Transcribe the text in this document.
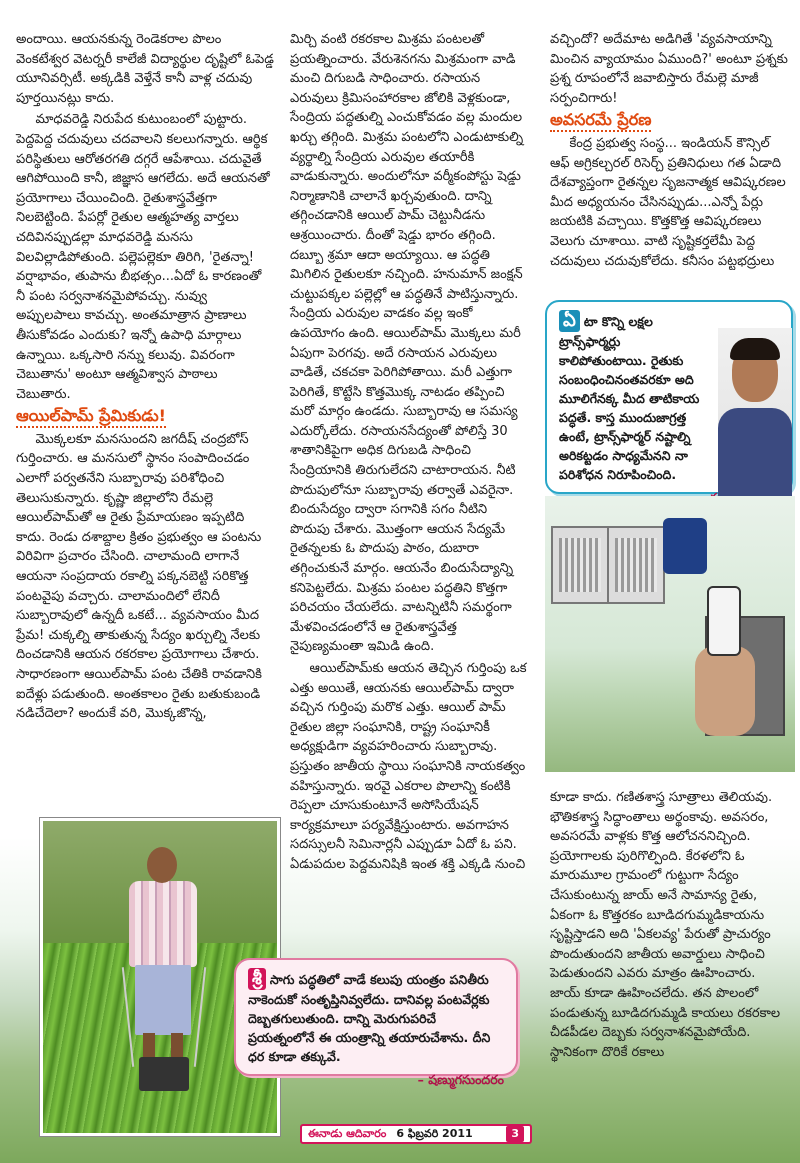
అందాయి. ఆయనకున్న రెండెకరాల పొలం వెంకటేశ్వర వెటర్నరీ కాలేజీ విద్యార్థుల దృష్టిలో ఓపెడ్డ యూనివర్సిటీ. అక్కడికి వెళ్తేనే కానీ వాళ్ల చదువు పూర్తయినట్లు కాదు.

మాధవరెడ్డి నిరుపేద కుటుంబంలో పుట్టారు. పెద్దపెద్ద చదువులు చదవాలని కలలుగన్నారు. ఆర్థిక పరిస్థితులు ఆరోతరగతి దగ్గరే ఆపేశాయి. చదువైతే ఆగిపోయింది కానీ, జిజ్ఞాస ఆగలేదు. అదే ఆయనతో ప్రయోగాలు చేయించింది. రైతుశాస్త్రవేత్తగా నిలబెట్టింది. పేపర్లో రైతుల ఆత్మహత్య వార్తలు చదివినప్పుడల్లా మాధవరెడ్డి మనసు విలవిల్లాడిపోతుంది. పల్లెపల్లెకూ తిరిగి, 'రైతన్నా! వర్షాభావం, తుపాను బీభత్సం...ఏదో ఓ కారణంతో నీ పంట సర్వనాశనమైపోవచ్చు. నువ్వు అప్పులపాలు కావచ్చు. అంతమాత్రాన ప్రాణాలు తీసుకోవడం ఎందుకు? ఇన్నో ఉపాధి మార్గాలు ఉన్నాయి. ఒక్కసారి నన్ను కలువు. వివరంగా చెబుతాను' అంటూ ఆత్మవిశ్వాస పాఠాలు చెబుతారు.

ఆయిల్‌పామ్ ప్రేమికుడు!

మొక్కలకూ మనసుందని జగదీష్ చంద్రబోస్ గుర్తించారు. ఆ మనసులో స్థానం సంపాదించడం ఎలాగో పర్వతనేని సుబ్బారావు పరిశోధించి తెలుసుకున్నారు. కృష్ణా జిల్లాలోని రేమల్లె ఆయిల్‌పామ్‌తో ఆ రైతు ప్రేమాయణం ఇప్పటిది కాదు. రెండు దశాబ్దాల క్రితం ప్రభుత్వం ఆ పంటను విరివిగా ప్రచారం చేసింది. చాలామంది లాగానే ఆయనా సంప్రదాయ రకాల్ని పక్కనబెట్టి సరికొత్త పంటవైపు వచ్చారు. చాలామందిలో లేనిదీ సుబ్బారావులో ఉన్నదీ ఒకటే... వ్యవసాయం మీద ప్రేమ! చుక్కల్ని తాకుతున్న సేద్యం ఖర్చుల్ని నేలకు దించడానికి ఆయన రకరకాల ప్రయోగాలు చేశారు. సాధారణంగా ఆయిల్‌పామ్ పంట చేతికి రావడానికి ఐదేళ్లు పడుతుంది. అంతకాలం రైతు బతుకుబండి నడిచేదెలా? అందుకే వరి, మొక్కజొన్న,

మిర్చి వంటి రకరకాల మిశ్రమ పంటలతో ప్రయత్నించారు. వేరుశెనగను మిశ్రమంగా వాడి మంచి దిగుబడి సాధించారు. రసాయన ఎరువులు క్రిమిసంహారకాల జోలికి వెళ్లకుండా, సేంద్రియ పద్ధతుల్ని ఎంచుకోవడం వల్ల మందుల ఖర్చు తగ్గింది. మిశ్రమ పంటలోని ఎండుటాకుల్ని వ్యర్థాల్ని సేంద్రియ ఎరువుల తయారీకి వాడుకున్నారు. అందులోనూ వర్మీకంపోస్టు షెడ్డు నిర్మాణానికి చాలానే ఖర్చవుతుంది. దాన్ని తగ్గించడానికి ఆయిల్ పామ్ చెట్టునీడను ఆశ్రయించారు. దీంతో షెడ్డు భారం తగ్గింది. దబ్బూ శ్రమా ఆదా అయ్యాయి. ఆ పద్ధతి మిగిలిన రైతులకూ నచ్చింది. హనుమాన్ జంక్షన్ చుట్టుపక్కల పల్లెల్లో ఆ పద్ధతినే పాటిస్తున్నారు. సేంద్రియ ఎరువుల వాడకం వల్ల ఇంకో ఉపయోగం ఉంది. ఆయిల్‌పామ్ మొక్కలు మరీ ఏపుగా పెరగవు. అదే రసాయన ఎరువులు వాడితే, చకచకా పెరిగిపోతాయి. మరీ ఎత్తుగా పెరిగితే, కొట్టేసి కొత్తమొక్క నాటడం తప్పించి మరో మార్గం ఉండదు. సుబ్బారావు ఆ సమస్య ఎదుర్కోలేదు. రసాయనసేద్యంతో పోలిస్తే 30 శాతానికిపైగా అధిక దిగుబడి సాధించి సేంద్రియానికి తిరుగులేదని చాటారాయన. నీటి పొదుపులోనూ సుబ్బారావు తర్వాతే ఎవరైనా. బిందుసేద్యం ద్వారా సగానికి సగం నీటిని పొదుపు చేశారు. మొత్తంగా ఆయన సేద్యమే రైతన్నలకు ఓ పొదుపు పాఠం, దుబారా తగ్గించుకునే మార్గం. ఆయనేం బిందుసేద్యాన్ని కనిపెట్టలేదు. మిశ్రమ పంటల పద్ధతిని కొత్తగా పరిచయం చేయలేదు. వాటన్నిటినీ సమర్థంగా మేళవించడంలోనే ఆ రైతుశాస్త్రవేత్త నైపుణ్యమంతా ఇమిడి ఉంది.

ఆయిల్‌పామ్‌కు ఆయన తెచ్చిన గుర్తింపు ఒక ఎత్తు అయితే, ఆయనకు ఆయిల్‌పామ్ ద్వారా వచ్చిన గుర్తింపు మరొక ఎత్తు. ఆయిల్ పామ్ రైతుల జిల్లా సంఘానికి, రాష్ట్ర సంఘానికీ అధ్యక్షుడిగా వ్యవహరించారు సుబ్బారావు. ప్రస్తుతం జాతీయ స్థాయి సంఘానికి నాయకత్వం వహిస్తున్నారు. ఇరవై ఎకరాల పొలాన్ని కంటికి రెప్పలా చూసుకుంటూనే అసోసియేషన్ కార్యక్రమాలూ పర్యవేక్షిస్తుంటారు. అవగాహన సదస్సులనీ సెమినార్లనీ ఎప్పుడూ ఏదో ఓ పని. ఏడుపదుల పెద్దమనిషికి ఇంత శక్తి ఎక్కడి నుంచి

వచ్చిందో? అదేమాట అడిగితే 'వ్యవసాయాన్ని మించిన వ్యాయామం ఏముంది?' అంటూ ప్రశ్నకు ప్రశ్న రూపంలోనే జవాబిస్తారు రేమల్లె మాజీ సర్పంచిగారు!

అవసరమే ప్రేరణ

కేంద్ర ప్రభుత్వ సంస్థ... ఇండియన్ కౌన్సిల్ ఆఫ్ అగ్రికల్చరల్ రిసెర్చ్ ప్రతినిధులు గత ఏడాది దేశవ్యాప్తంగా రైతన్నల సృజనాత్మక ఆవిష్కరణల మీద అధ్యయనం చేసినప్పుడు...ఎన్నో పేర్లు జయటికి వచ్చాయి. కొత్తకొత్త ఆవిష్కరణలు వెలుగు చూశాయి. వాటి సృష్టికర్తలేమీ పెద్ద చదువులు చదువుకోలేదు. కనీసం పట్టభద్రులు

ఏ టా కొన్ని లక్షల ట్రాన్స్‌ఫార్మర్లు కాలిపోతుంటాయి. రైతుకు సంబంధించినంతవరకూ అది మూలిగేనక్క మీద తాటికాయ పద్ధతే. కాస్త ముందుజాగ్రత్త ఉంటే, ట్రాన్స్‌ఫార్మర్ నష్టాల్ని అరికట్టడం సాధ్యమేనని నా పరిశోధన నిరూపించింది.

కూడా కాదు. గణితశాస్త్ర సూత్రాలు తెలియవు. భౌతికశాస్త్ర సిద్ధాంతాలు అర్థంకావు. అవసరం, అవసరమే వాళ్లకు కొత్త ఆలోచననిచ్చింది. ప్రయోగాలకు పురిగొల్పింది. కేరళలోని ఓ మారుమూల గ్రామంలో గుట్టుగా సేద్యం చేసుకుంటున్న జాయ్ అనే సామాన్య రైతు, ఏకంగా ఓ కొత్తరకం బూడిదగుమ్మడికాయను సృష్టిస్తాడని అది 'ఏకలవ్య' పేరుతో ప్రాచుర్యం పొందుతుందని జాతీయ అవార్డులు సాధించి పెడుతుందని ఎవరు మాత్రం ఊహించారు. జాయ్ కూడా ఊహించలేదు. తన పొలంలో పండుతున్న బూడిదగుమ్మడి కాయలు రకరకాల చీడపీడల దెబ్బకు సర్వనాశనమైపోయేది. స్థానికంగా దొరికే రకాలు

శ్రీ సాగు పద్ధతిలో వాడే కలుపు యంత్రం పనితీరు నాకెందుకో సంతృప్తినివ్వలేదు. దానివల్ల పంటవేర్లకు దెబ్బతగులుతుంది. దాన్ని మెరుగుపరిచే ప్రయత్నంలోనే ఈ యంత్రాన్ని తయారుచేశాను. దీని ధర కూడా తక్కువే.
– షణ్ముగసుందరం
ఈనాడు ఆదివారం 6 ఫిబ్రవరి 2011	3
